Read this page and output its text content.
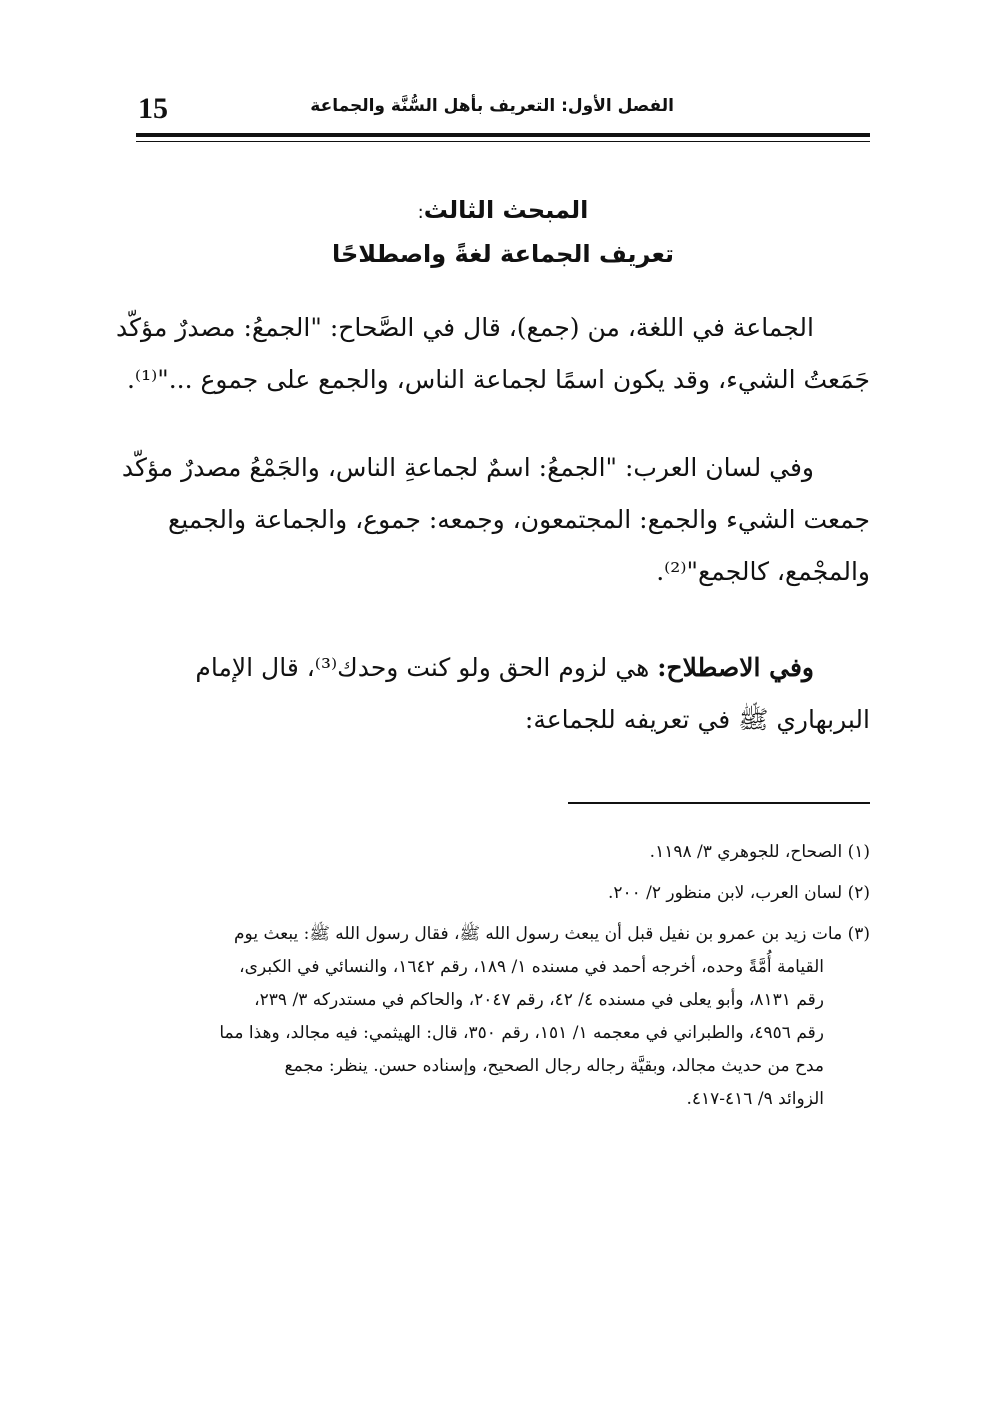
15	الفصل الأول: التعريف بأهل السُّنَّة والجماعة
المبحث الثالث:
تعريف الجماعة لغةً واصطلاحًا
الجماعة في اللغة، من (جمع)، قال في الصَّحاح: "الجمعُ: مصدرٌ مؤكّد
جَمَعتُ الشيء، وقد يكون اسمًا لجماعة الناس، والجمع على جموع ..."⁽¹⁾.
وفي لسان العرب: "الجمعُ: اسمٌ لجماعةِ الناس، والجَمْعُ مصدرٌ مؤكّد
جمعت الشيء والجمع: المجتمعون، وجمعه: جموع، والجماعة والجميع
والمجْمع، كالجمع"⁽²⁾.
وفي الاصطلاح: هي لزوم الحق ولو كنت وحدك⁽³⁾، قال الإمام
البربهاري ﷺ في تعريفه للجماعة:
(١) الصحاح، للجوهري ٣/ ١١٩٨.
(٢) لسان العرب، لابن منظور ٢/ ٢٠٠.
(٣) مات زيد بن عمرو بن نفيل قبل أن يبعث رسول الله ﷺ، فقال رسول الله ﷺ: يبعث يوم
القيامة أُمَّةً وحده، أخرجه أحمد في مسنده ١/ ١٨٩، رقم ١٦٤٢، والنسائي في الكبرى،
رقم ٨١٣١، وأبو يعلى في مسنده ٤/ ٤٢، رقم ٢٠٤٧، والحاكم في مستدركه ٣/ ٢٣٩،
رقم ٤٩٥٦، والطبراني في معجمه ١/ ١٥١، رقم ٣٥٠، قال: الهيثمي: فيه مجالد، وهذا مما
مدح من حديث مجالد، وبقيَّة رجاله رجال الصحيح، وإسناده حسن. ينظر: مجمع
الزوائد ٩/ ٤١٦-٤١٧.
